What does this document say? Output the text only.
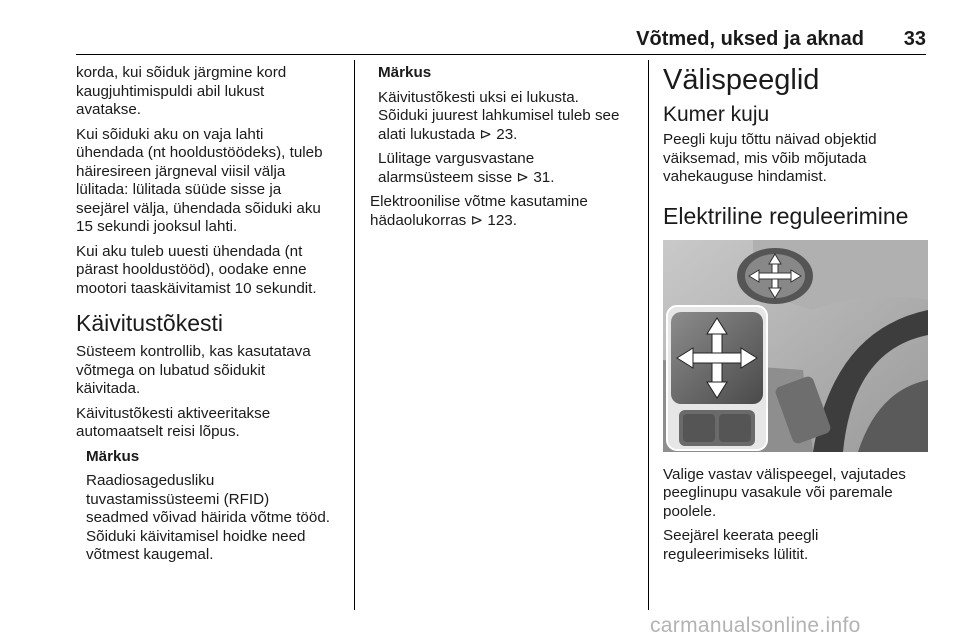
Võtmed, uksed ja aknad 33

korda, kui sõiduk järgmine kord
kaugjuhtimispuldi abil lukust
avatakse.

Kui sõiduki aku on vaja lahti
ühendada (nt hooldustöödeks), tuleb
häiresireen järgneval viisil välja
lülitada: lülitada süüde sisse ja
seejärel välja, ühendada sõiduki aku
15 sekundi jooksul lahti.

Kui aku tuleb uuesti ühendada (nt
pärast hooldustööd), oodake enne
mootori taaskäivitamist 10 sekundit.

Käivitustõkesti

Süsteem kontrollib, kas kasutatava
võtmega on lubatud sõidukit
käivitada.

Käivitustõkesti aktiveeritakse
automaatselt reisi lõpus.

Märkus

Raadiosagedusliku
tuvastamissüsteemi (RFID)
seadmed võivad häirida võtme tööd.
Sõiduki käivitamisel hoidke need
võtmest kaugemal.

Märkus

Käivitustõkesti uksi ei lukusta.
Sõiduki juurest lahkumisel tuleb see
alati lukustada ⊳ 23.

Lülitage vargusvastane
alarmsüsteem sisse ⊳ 31.

Elektroonilise võtme kasutamine
hädaolukorras ⊳ 123.

Välispeeglid
Kumer kuju

Peegli kuju tõttu näivad objektid
väiksemad, mis võib mõjutada
vahekauguse hindamist.

Elektriline reguleerimine

Valige vastav välispeegel, vajutades
peeglinupu vasakule või paremale
poolele.

Seejärel keerata peegli
reguleerimiseks lülitit.

carmanualsonline.info
